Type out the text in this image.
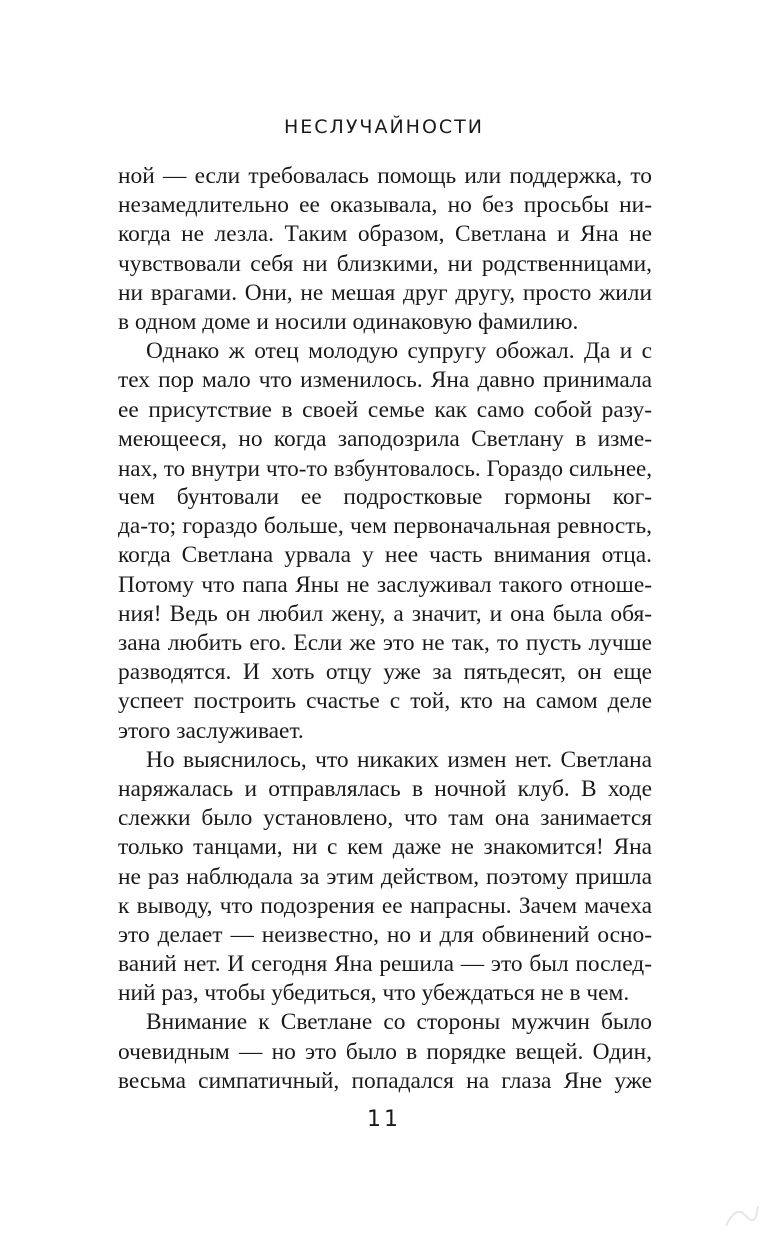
НЕСЛУЧАЙНОСТИ
ной — если требовалась помощь или поддержка, то
незамедлительно ее оказывала, но без просьбы ни-
когда не лезла. Таким образом, Светлана и Яна не
чувствовали себя ни близкими, ни родственницами,
ни врагами. Они, не мешая друг другу, просто жили
в одном доме и носили одинаковую фамилию.
Однако ж отец молодую супругу обожал. Да и с
тех пор мало что изменилось. Яна давно принимала
ее присутствие в своей семье как само собой разу-
меющееся, но когда заподозрила Светлану в изме-
нах, то внутри что-то взбунтовалось. Гораздо сильнее,
чем бунтовали ее подростковые гормоны ког-
да-то; гораздо больше, чем первоначальная ревность,
когда Светлана урвала у нее часть внимания отца.
Потому что папа Яны не заслуживал такого отноше-
ния! Ведь он любил жену, а значит, и она была обя-
зана любить его. Если же это не так, то пусть лучше
разводятся. И хоть отцу уже за пятьдесят, он еще
успеет построить счастье с той, кто на самом деле
этого заслуживает.
Но выяснилось, что никаких измен нет. Светлана
наряжалась и отправлялась в ночной клуб. В ходе
слежки было установлено, что там она занимается
только танцами, ни с кем даже не знакомится! Яна
не раз наблюдала за этим действом, поэтому пришла
к выводу, что подозрения ее напрасны. Зачем мачеха
это делает — неизвестно, но и для обвинений осно-
ваний нет. И сегодня Яна решила — это был послед-
ний раз, чтобы убедиться, что убеждаться не в чем.
Внимание к Светлане со стороны мужчин было
очевидным — но это было в порядке вещей. Один,
весьма симпатичный, попадался на глаза Яне уже
11
